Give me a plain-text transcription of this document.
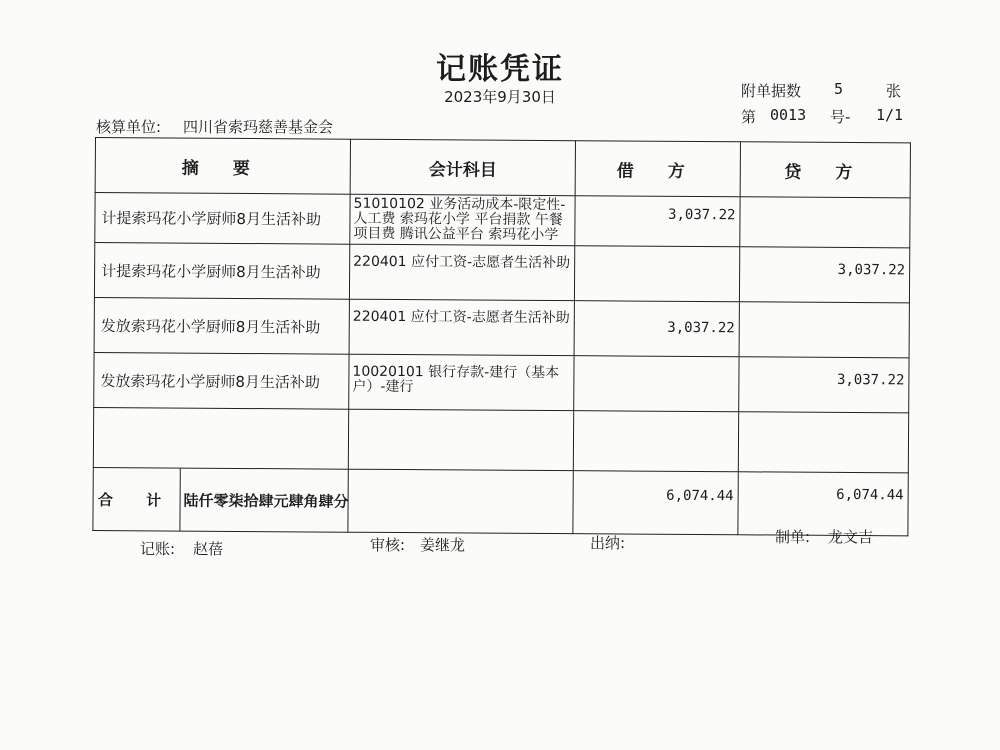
记账凭证
2023年9月30日	附单据数 5	张
第 0013 号- 1/1
核算单位: 四川省索玛慈善基金会
摘 要	会计科目	借 方	贷 方
计提索玛花小学厨师8月生活补助	51010102 业务活动成本-限定性-人工费 索玛花小学 平台捐款 午餐项目费 腾讯公益平台 索玛花小学	3,037.22	
计提索玛花小学厨师8月生活补助	220401 应付工资-志愿者生活补助		3,037.22
发放索玛花小学厨师8月生活补助	220401 应付工资-志愿者生活补助	3,037.22	
发放索玛花小学厨师8月生活补助	10020101 银行存款-建行（基本户）-建行		3,037.22

合 计	陆仟零柒拾肆元肆角肆分	6,074.44	6,074.44
记账: 赵蓓	审核: 姜继龙	出纳:	制单: 龙文吉
